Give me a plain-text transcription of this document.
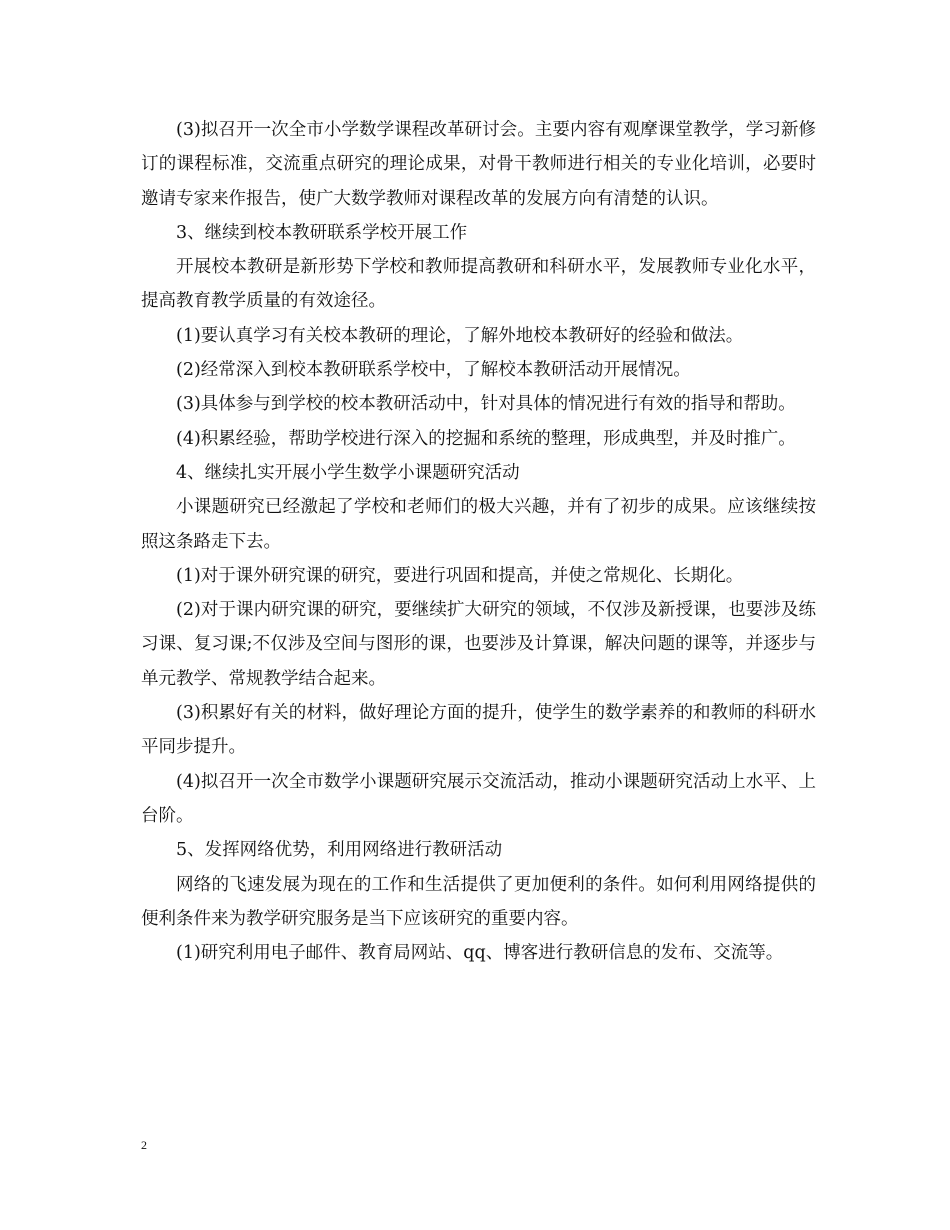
(3)拟召开一次全市小学数学课程改革研讨会。主要内容有观摩课堂教学，学习新修订的课程标准，交流重点研究的理论成果，对骨干教师进行相关的专业化培训，必要时邀请专家来作报告，使广大数学教师对课程改革的发展方向有清楚的认识。

3、继续到校本教研联系学校开展工作

开展校本教研是新形势下学校和教师提高教研和科研水平，发展教师专业化水平，提高教育教学质量的有效途径。

(1)要认真学习有关校本教研的理论，了解外地校本教研好的经验和做法。

(2)经常深入到校本教研联系学校中，了解校本教研活动开展情况。

(3)具体参与到学校的校本教研活动中，针对具体的情况进行有效的指导和帮助。

(4)积累经验，帮助学校进行深入的挖掘和系统的整理，形成典型，并及时推广。

4、继续扎实开展小学生数学小课题研究活动

小课题研究已经激起了学校和老师们的极大兴趣，并有了初步的成果。应该继续按照这条路走下去。

(1)对于课外研究课的研究，要进行巩固和提高，并使之常规化、长期化。

(2)对于课内研究课的研究，要继续扩大研究的领域，不仅涉及新授课，也要涉及练习课、复习课;不仅涉及空间与图形的课，也要涉及计算课，解决问题的课等，并逐步与单元教学、常规教学结合起来。

(3)积累好有关的材料，做好理论方面的提升，使学生的数学素养的和教师的科研水平同步提升。

(4)拟召开一次全市数学小课题研究展示交流活动，推动小课题研究活动上水平、上台阶。

5、发挥网络优势，利用网络进行教研活动

网络的飞速发展为现在的工作和生活提供了更加便利的条件。如何利用网络提供的便利条件来为教学研究服务是当下应该研究的重要内容。

(1)研究利用电子邮件、教育局网站、qq、博客进行教研信息的发布、交流等。

2
